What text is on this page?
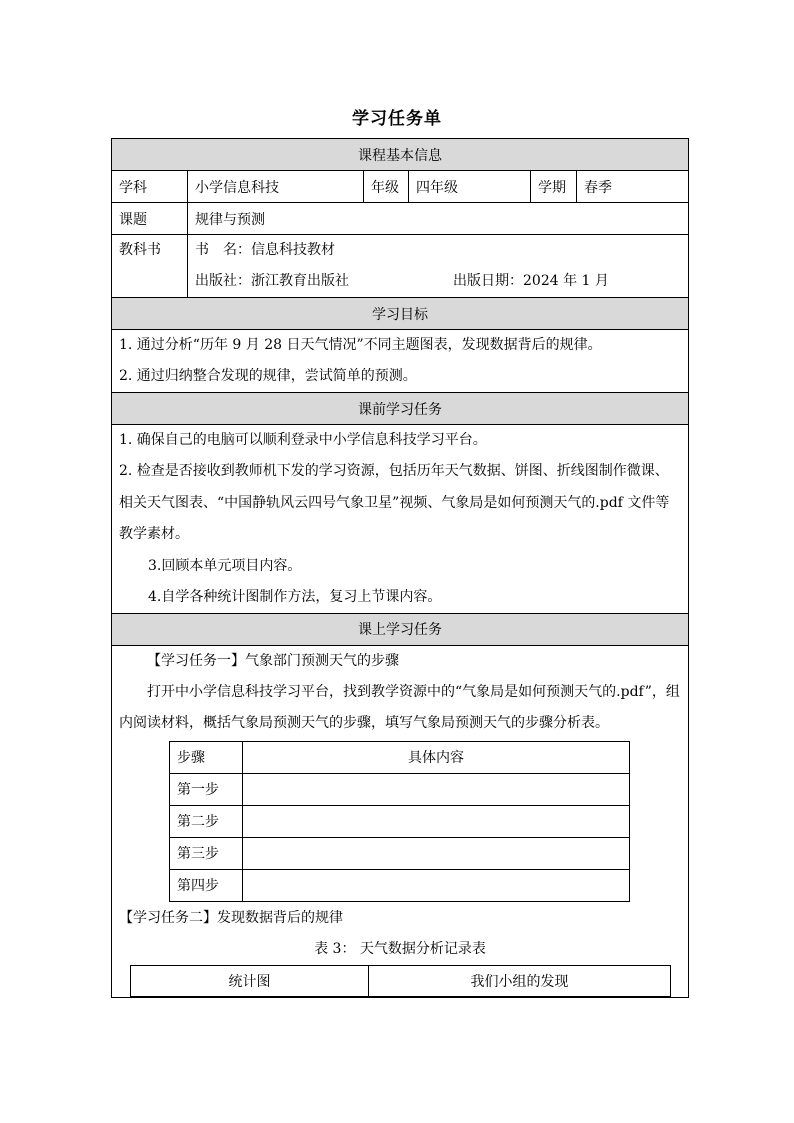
学习任务单
课程基本信息
学科	小学信息科技	年级	四年级	学期	春季
课题	规律与预测

教科书	书　名：信息科技教材
出版社：浙江教育出版社	出版日期：2024 年 1 月

学习目标

1. 通过分析“历年 9 月 28 日天气情况”不同主题图表，发现数据背后的规律。
2. 通过归纳整合发现的规律，尝试简单的预测。

课前学习任务

1. 确保自己的电脑可以顺利登录中小学信息科技学习平台。
2. 检查是否接收到教师机下发的学习资源，包括历年天气数据、饼图、折线图制作微课、相关天气图表、“中国静轨风云四号气象卫星”视频、气象局是如何预测天气的.pdf 文件等教学素材。
3.回顾本单元项目内容。
4.自学各种统计图制作方法，复习上节课内容。

课上学习任务

【学习任务一】气象部门预测天气的步骤
打开中小学信息科技学习平台，找到教学资源中的“气象局是如何预测天气的.pdf”，组内阅读材料，概括气象局预测天气的步骤，填写气象局预测天气的步骤分析表。
步骤	具体内容
第一步	
第二步	
第三步	
第四步	
【学习任务二】发现数据背后的规律
表 3： 天气数据分析记录表
统计图	我们小组的发现
